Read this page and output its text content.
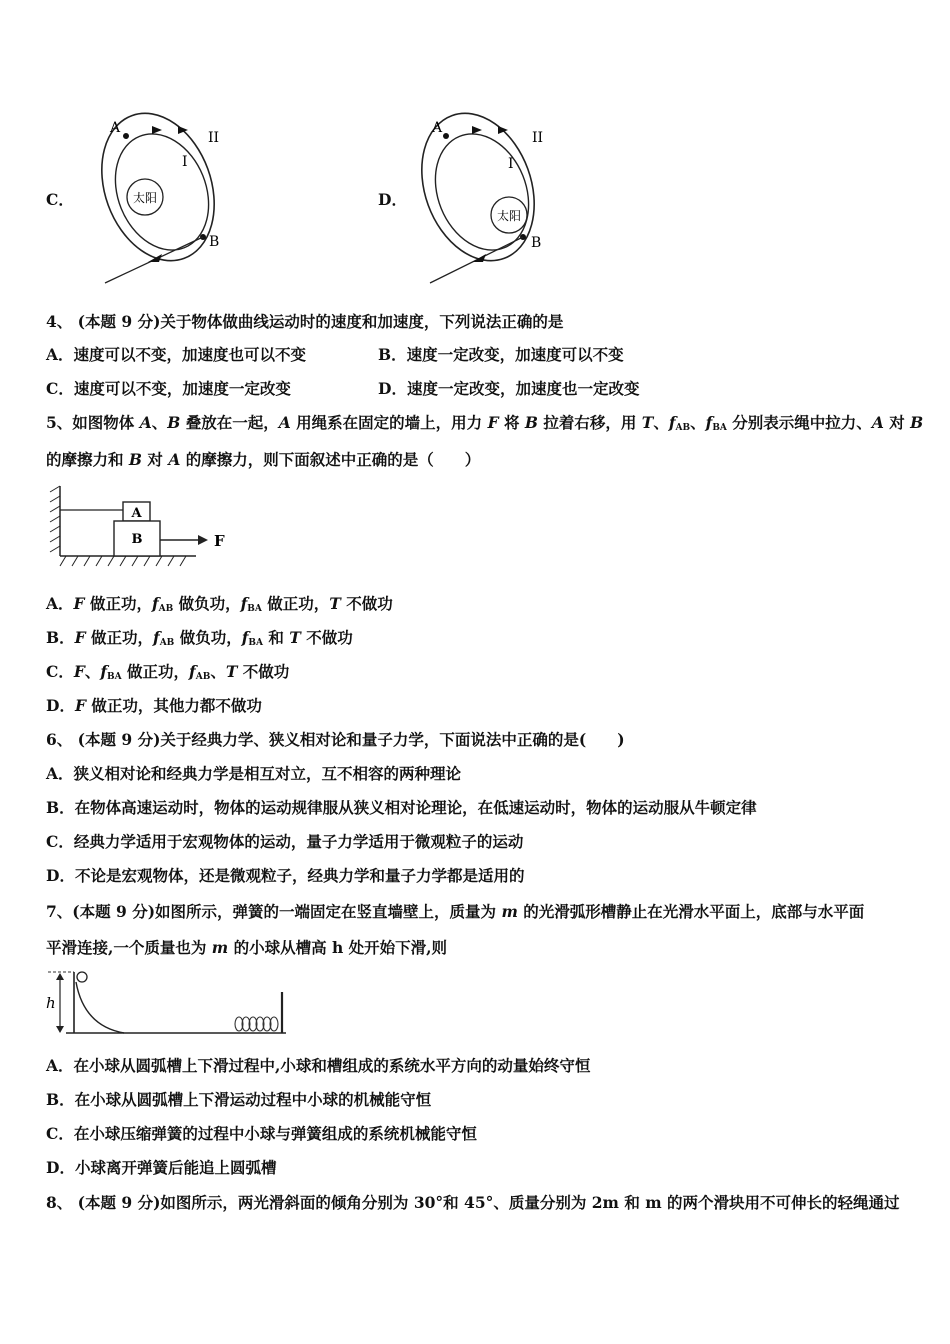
C．	太阳
A
B
I
II
D．
太阳
A
B
I
II
4、 (本题 9 分)关于物体做曲线运动时的速度和加速度，下列说法正确的是
A．速度可以不变，加速度也可以不变	B．速度一定改变，加速度可以不变
C．速度可以不变，加速度一定改变	D．速度一定改变，加速度也一定改变
5、如图物体 A、B 叠放在一起，A 用绳系在固定的墙上，用力 F 将 B 拉着右移，用 T、$f_{AB}$、$f_{BA}$ 分别表示绳中拉力、A 对 B
的摩擦力和 B 对 A 的摩擦力，则下面叙述中正确的是（　　）
A
B	F
A．F 做正功，$f_{AB}$ 做负功，$f_{BA}$ 做正功，T 不做功
B．F 做正功，$f_{AB}$ 做负功，$f_{BA}$ 和 T 不做功
C．F、$f_{BA}$ 做正功，$f_{AB}$、T 不做功
D．F 做正功，其他力都不做功
6、 (本题 9 分)关于经典力学、狭义相对论和量子力学，下面说法中正确的是(　　)
A．狭义相对论和经典力学是相互对立，互不相容的两种理论
B．在物体高速运动时，物体的运动规律服从狭义相对论理论，在低速运动时，物体的运动服从牛顿定律
C．经典力学适用于宏观物体的运动，量子力学适用于微观粒子的运动
D．不论是宏观物体，还是微观粒子，经典力学和量子力学都是适用的
7、(本题 9 分)如图所示，弹簧的一端固定在竖直墙壁上，质量为 m 的光滑弧形槽静止在光滑水平面上，底部与水平面
平滑连接,一个质量也为 m 的小球从槽高 h 处开始下滑,则
h
A．在小球从圆弧槽上下滑过程中,小球和槽组成的系统水平方向的动量始终守恒
B．在小球从圆弧槽上下滑运动过程中小球的机械能守恒
C．在小球压缩弹簧的过程中小球与弹簧组成的系统机械能守恒
D．小球离开弹簧后能追上圆弧槽
8、 (本题 9 分)如图所示，两光滑斜面的倾角分别为 30°和 45°、质量分别为 2m 和 m 的两个滑块用不可伸长的轻绳通过
